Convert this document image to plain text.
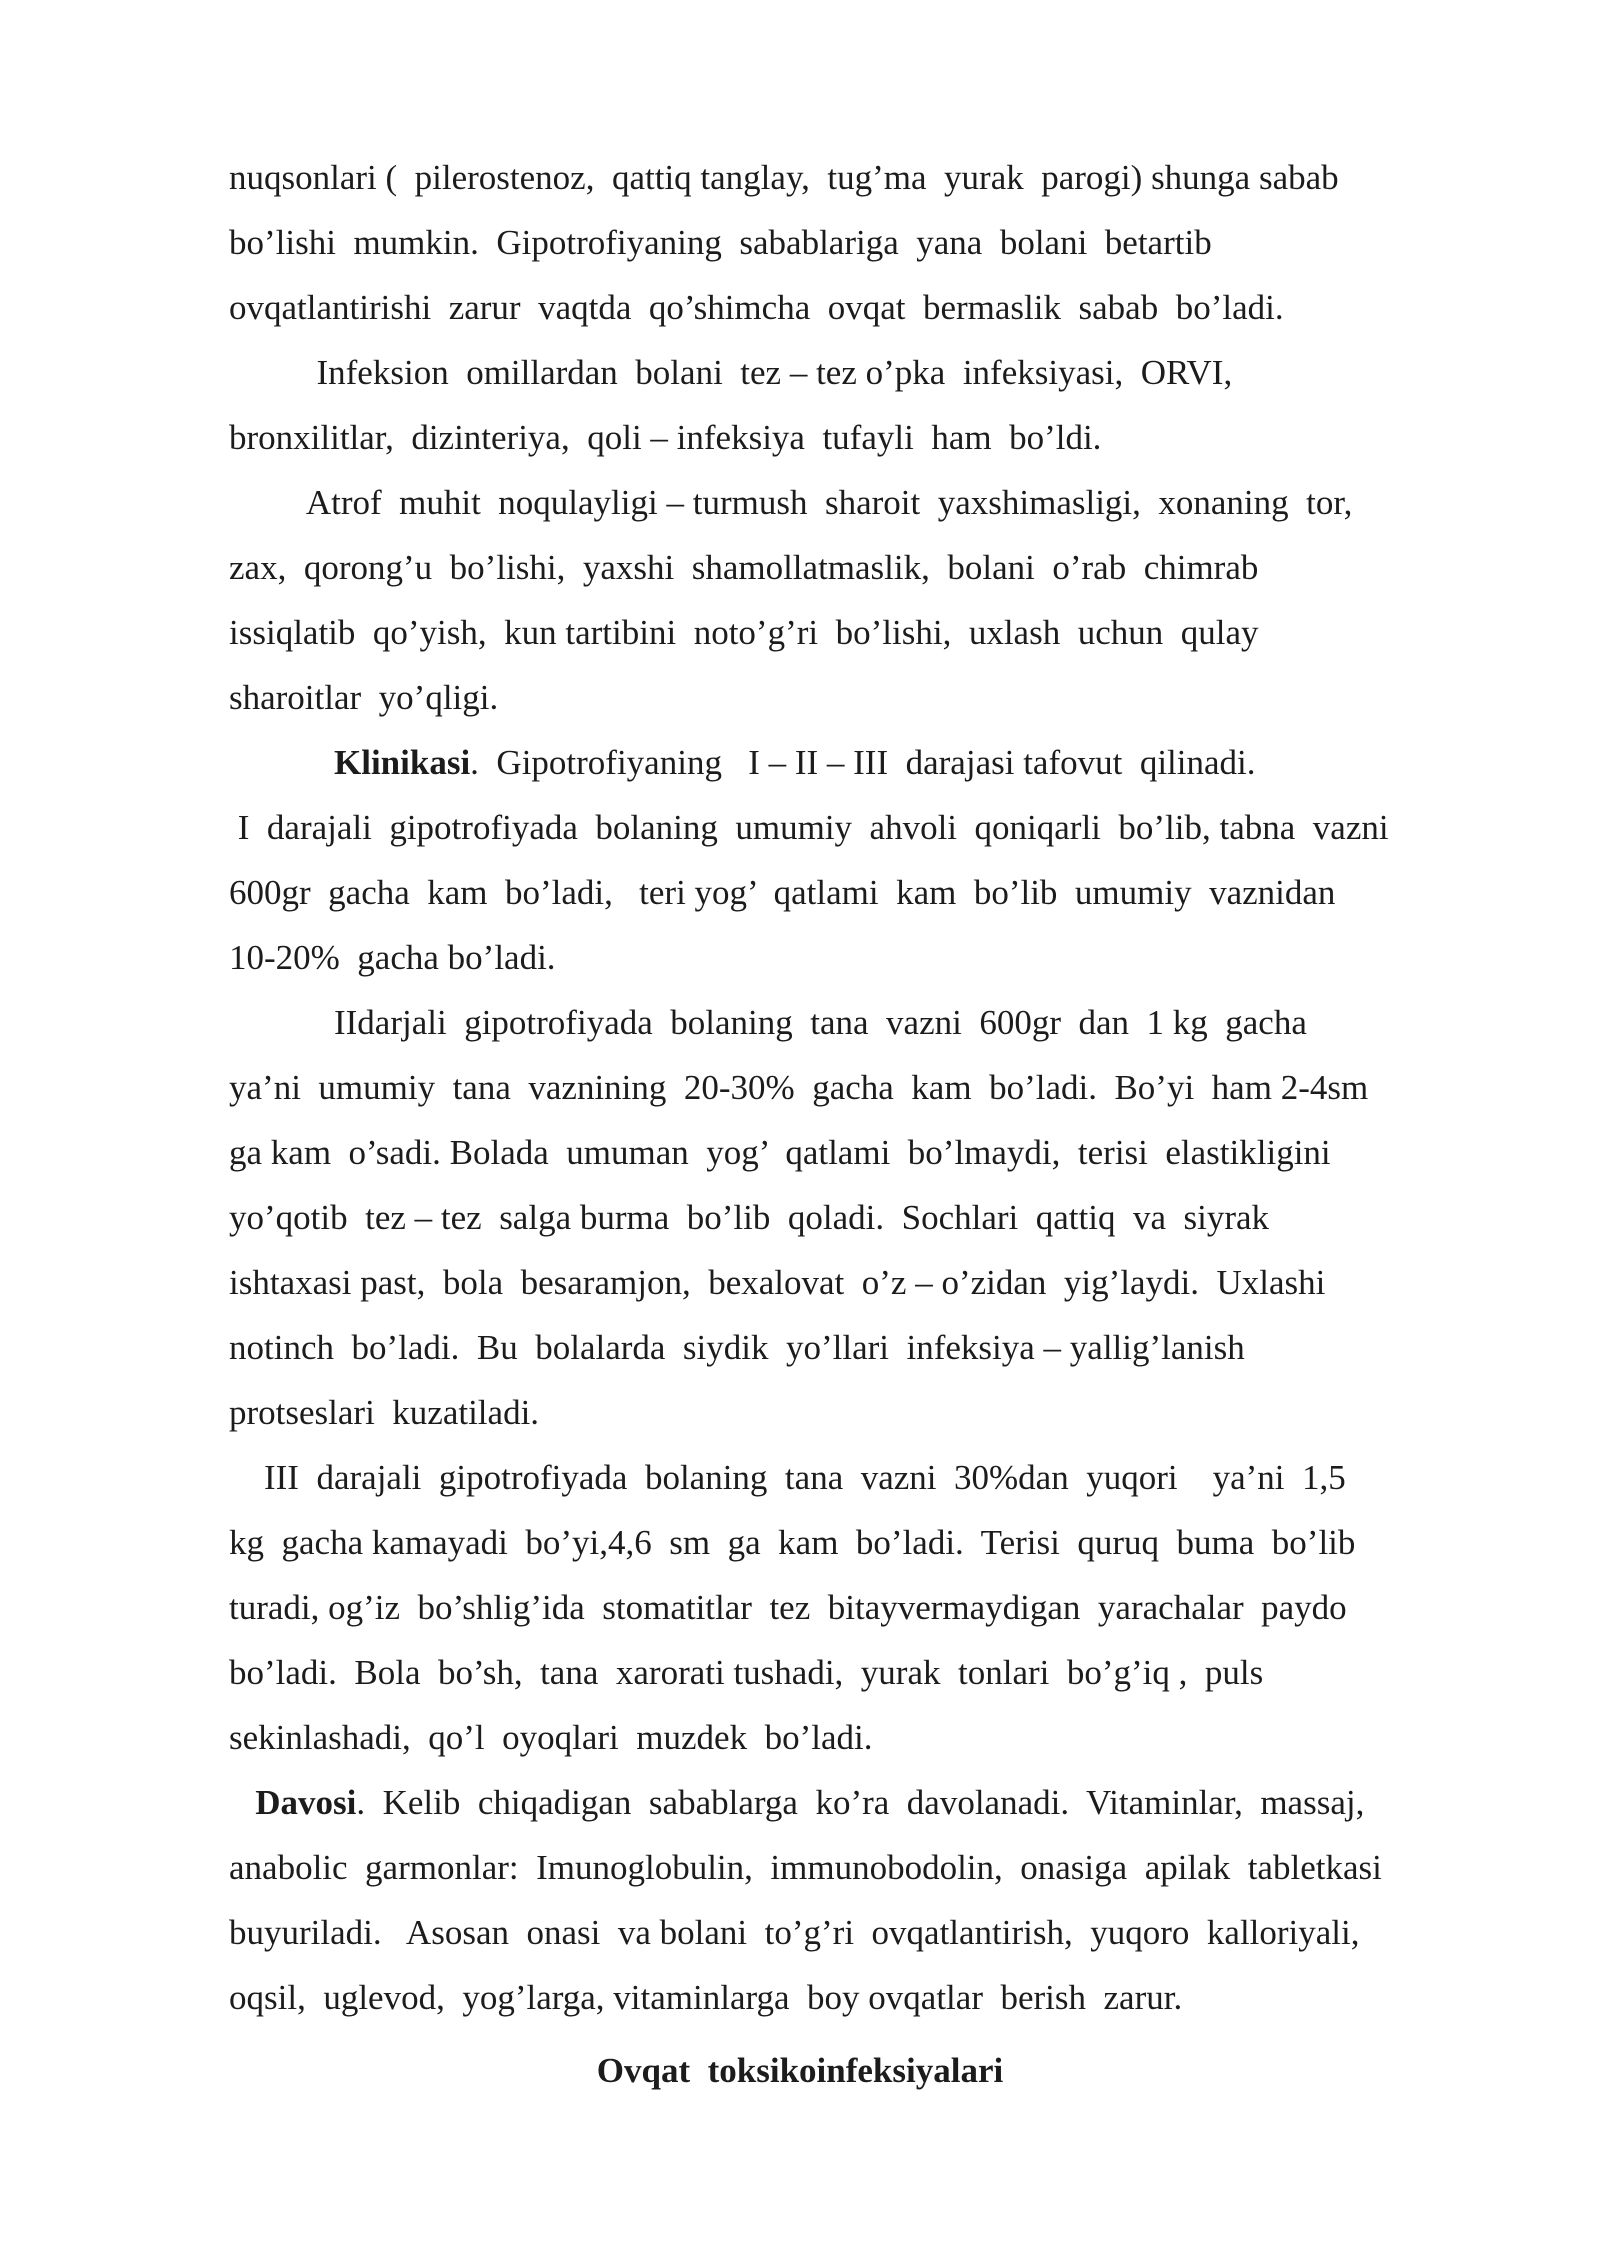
nuqsonlari (  pilerostenoz,  qattiq tanglay,  tug’ma  yurak  parogi) shunga sabab
bo’lishi  mumkin.  Gipotrofiyaning  sabablariga  yana  bolani  betartib
ovqatlantirishi  zarur  vaqtda  qo’shimcha  ovqat  bermaslik  sabab  bo’ladi.
Infeksion  omillardan  bolani  tez – tez o’pka  infeksiyasi,  ORVI,
bronxilitlar,  dizinteriya,  qoli – infeksiya  tufayli  ham  bo’ldi.
Atrof  muhit  noqulayligi – turmush  sharoit  yaxshimasligi,  xonaning  tor,
zax,  qorong’u  bo’lishi,  yaxshi  shamollatmaslik,  bolani  o’rab  chimrab
issiqlatib  qo’yish,  kun tartibini  noto’g’ri  bo’lishi,  uxlash  uchun  qulay
sharoitlar  yo’qligi.
Klinikasi.  Gipotrofiyaning   I – II – III  darajasi tafovut  qilinadi.
I  darajali  gipotrofiyada  bolaning  umumiy  ahvoli  qoniqarli  bo’lib, tabna  vazni
600gr  gacha  kam  bo’ladi,   teri yog’  qatlami  kam  bo’lib  umumiy  vaznidan
10-20%  gacha bo’ladi.
IIdarjali  gipotrofiyada  bolaning  tana  vazni  600gr  dan  1 kg  gacha
ya’ni  umumiy  tana  vaznining  20-30%  gacha  kam  bo’ladi.  Bo’yi  ham 2-4sm
ga kam  o’sadi. Bolada  umuman  yog’  qatlami  bo’lmaydi,  terisi  elastikligini
yo’qotib  tez – tez  salga burma  bo’lib  qoladi.  Sochlari  qattiq  va  siyrak
ishtaxasi past,  bola  besaramjon,  bexalovat  o’z – o’zidan  yig’laydi.  Uxlashi
notinch  bo’ladi.  Bu  bolalarda  siydik  yo’llari  infeksiya – yallig’lanish
protseslari  kuzatiladi.
III  darajali  gipotrofiyada  bolaning  tana  vazni  30%dan  yuqori    ya’ni  1,5
kg  gacha kamayadi  bo’yi,4,6  sm  ga  kam  bo’ladi.  Terisi  quruq  buma  bo’lib
turadi, og’iz  bo’shlig’ida  stomatitlar  tez  bitayvermaydigan  yarachalar  paydo
bo’ladi.  Bola  bo’sh,  tana  xarorati tushadi,  yurak  tonlari  bo’g’iq ,  puls
sekinlashadi,  qo’l  oyoqlari  muzdek  bo’ladi.
Davosi.  Kelib  chiqadigan  sabablarga  ko’ra  davolanadi.  Vitaminlar,  massaj,
anabolic  garmonlar:  Imunoglobulin,  immunobodolin,  onasiga  apilak  tabletkasi
buyuriladi.   Asosan  onasi  va bolani  to’g’ri  ovqatlantirish,  yuqoro  kalloriyali,
oqsil,  uglevod,  yog’larga, vitaminlarga  boy ovqatlar  berish  zarur.
Ovqat  toksikoinfeksiyalari
